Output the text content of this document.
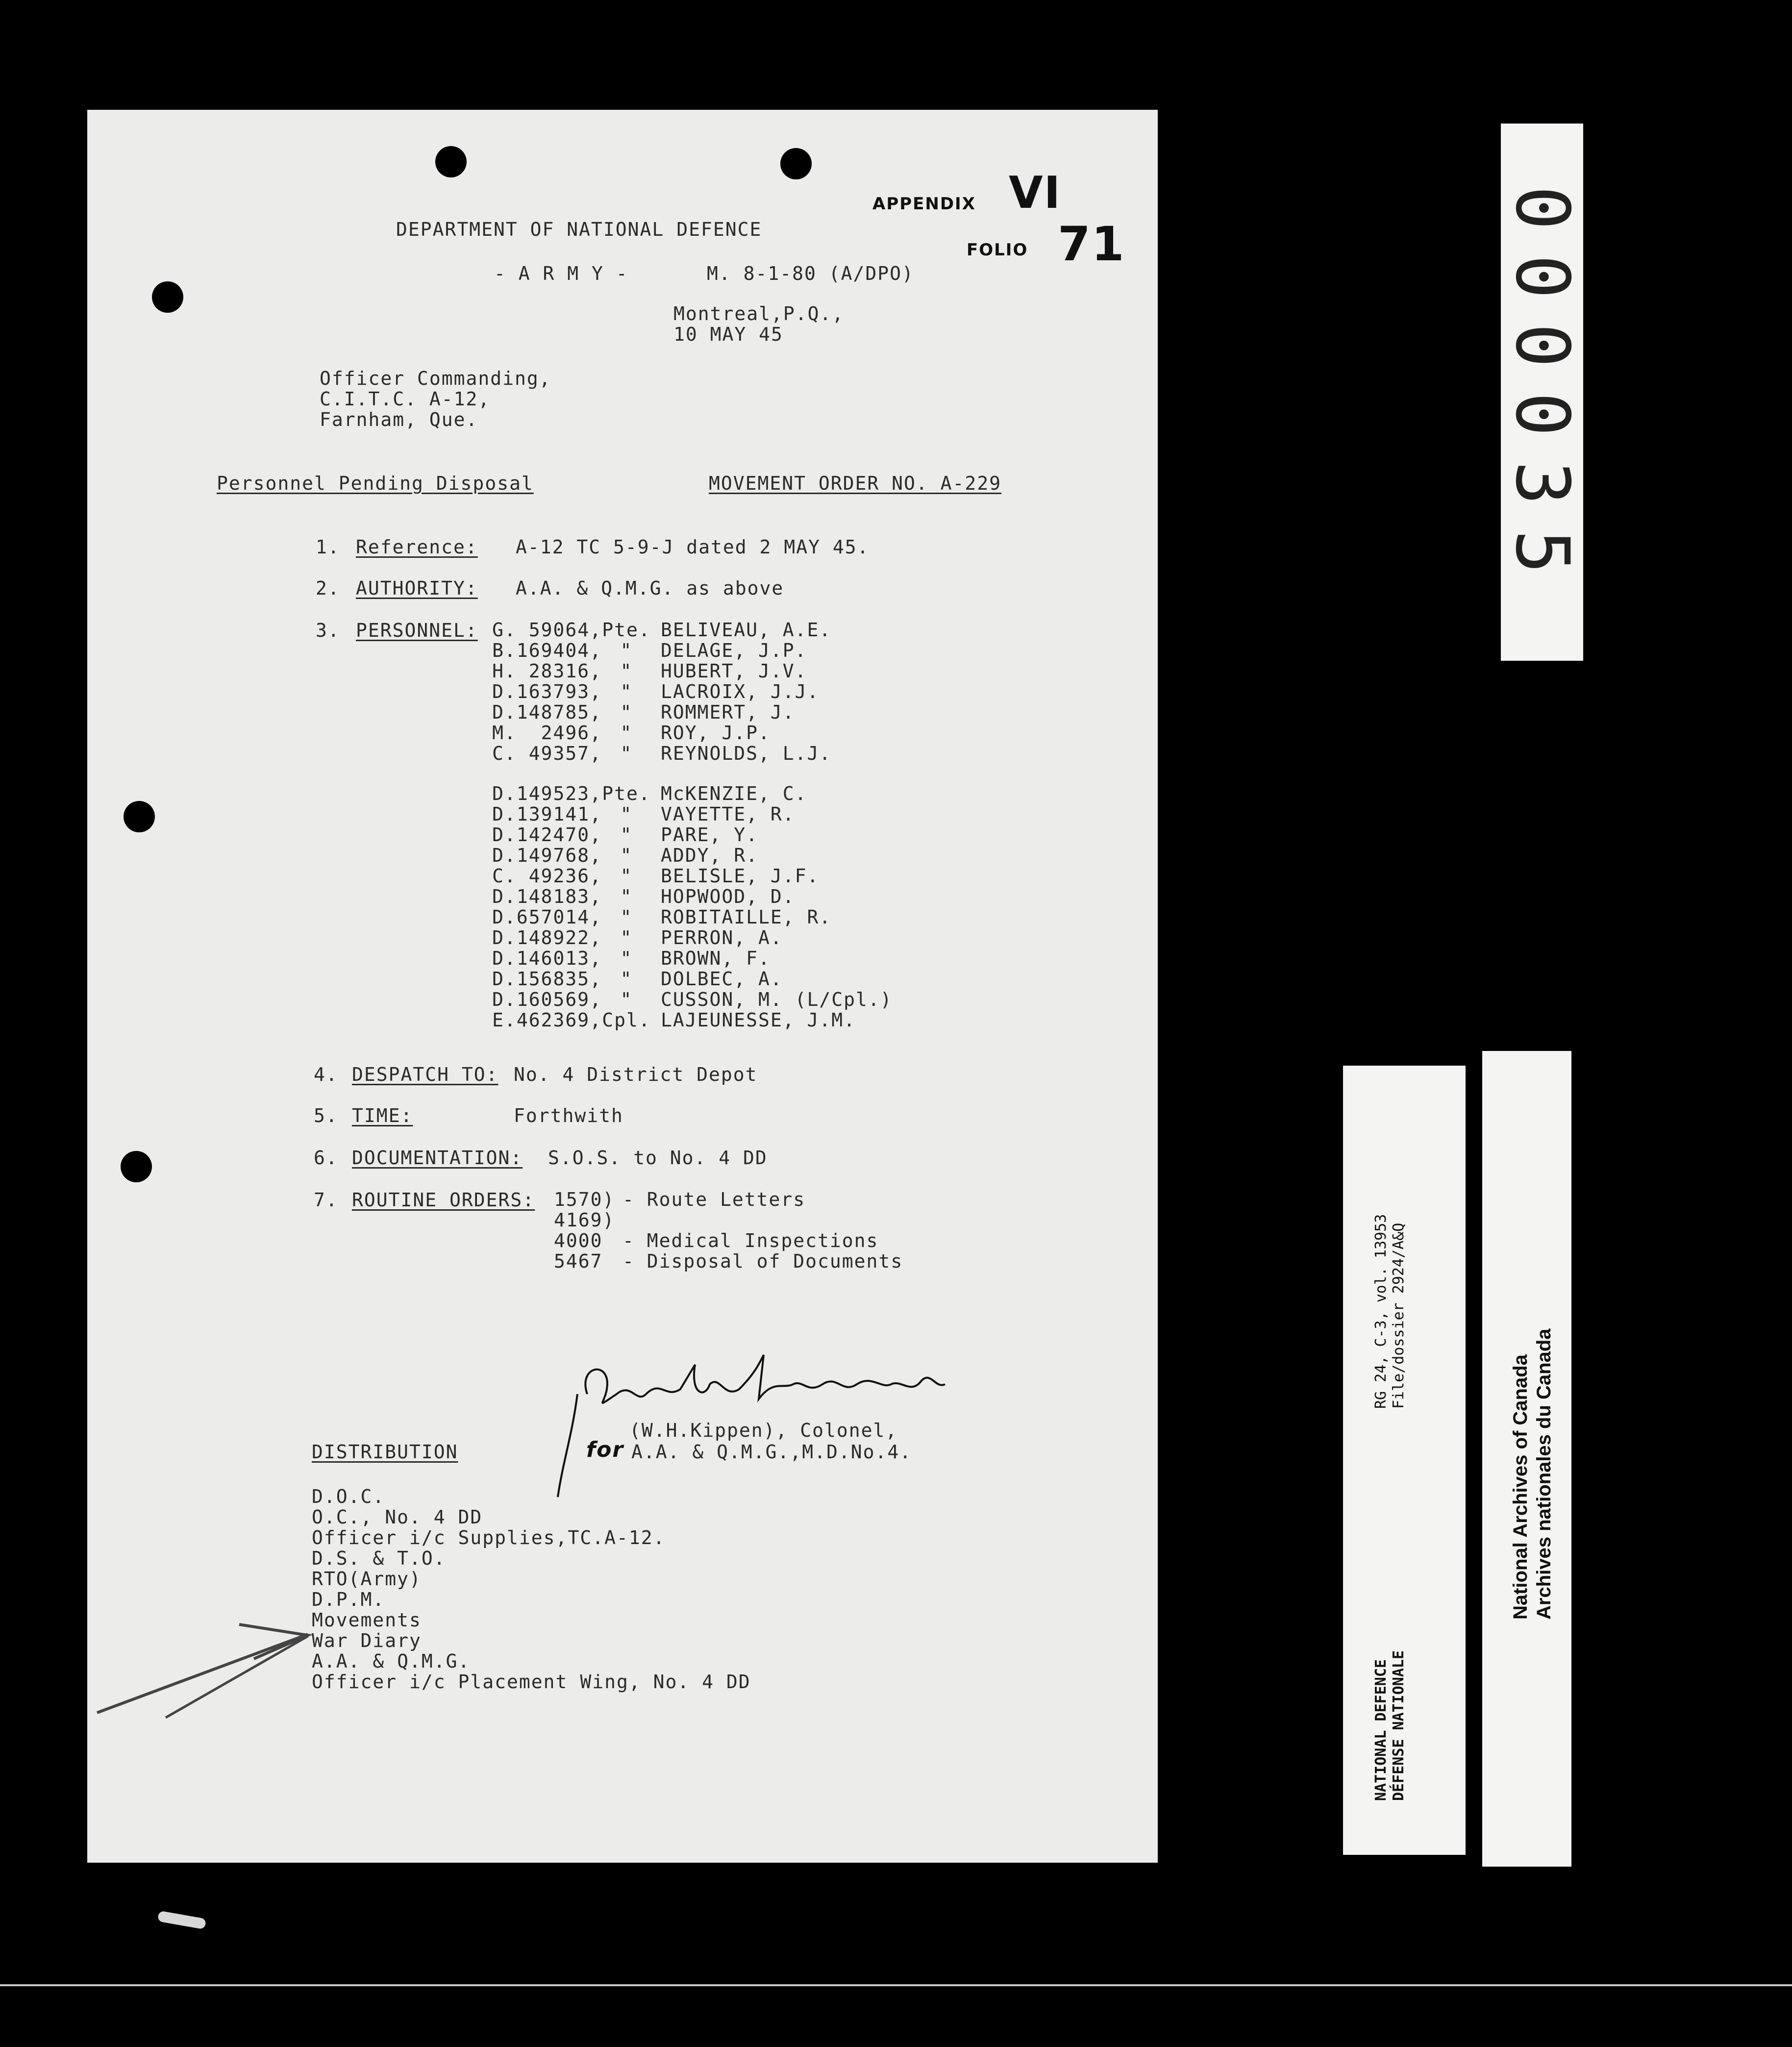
DEPARTMENT OF NATIONAL DEFENCE
- A R M Y -	M. 8-1-80 (A/DPO)
APPENDIX VI
FOLIO 71
Montreal,P.Q.,
10 MAY 45
Officer Commanding,
C.I.T.C. A-12,
Farnham, Que.
Personnel Pending Disposal	MOVEMENT ORDER NO. A-229
1. Reference: A-12 TC 5-9-J dated 2 MAY 45.
2. AUTHORITY: A.A. & Q.M.G. as above
3. PERSONNEL: G. 59064, Pte. BELIVEAU, A.E.
B.169404, "	DELAGE, J.P.
H. 28316, "	HUBERT, J.V.
D.163793, "	LACROIX, J.J.
D.148785, "	ROMMERT, J.
M.  2496, "	ROY, J.P.
C. 49357, "	REYNOLDS, L.J.
D.149523, Pte. McKENZIE, C.
D.139141, "	VAYETTE, R.
D.142470, "	PARE, Y.
D.149768, "	ADDY, R.
C. 49236, "	BELISLE, J.F.
D.148183, "	HOPWOOD, D.
D.657014, "	ROBITAILLE, R.
D.148922, "	PERRON, A.
D.146013, "	BROWN, F.
D.156835, "	DOLBEC, A.
D.160569, "	CUSSON, M. (L/Cpl.)
E.462369, Cpl. LAJEUNESSE, J.M.
4. DESPATCH TO: No. 4 District Depot
5. TIME:	Forthwith
6. DOCUMENTATION: S.O.S. to No. 4 DD
7. ROUTINE ORDERS: 1570) - Route Letters
4169)
4000	- Medical Inspections
5467	- Disposal of Documents
(W.H.Kippen), Colonel,
for A.A. & Q.M.G.,M.D.No.4.
DISTRIBUTION
D.O.C.
O.C., No. 4 DD
Officer i/c Supplies,TC.A-12.
D.S. & T.O.
RTO(Army)
D.P.M.
Movements
War Diary
A.A. & Q.M.G.
Officer i/c Placement Wing, No. 4 DD
000035
RG 24, C-3, vol. 13953 File/dossier 2924/A&Q
NATIONAL DEFENCE DÉFENSE NATIONALE
National Archives of Canada Archives nationales du Canada
